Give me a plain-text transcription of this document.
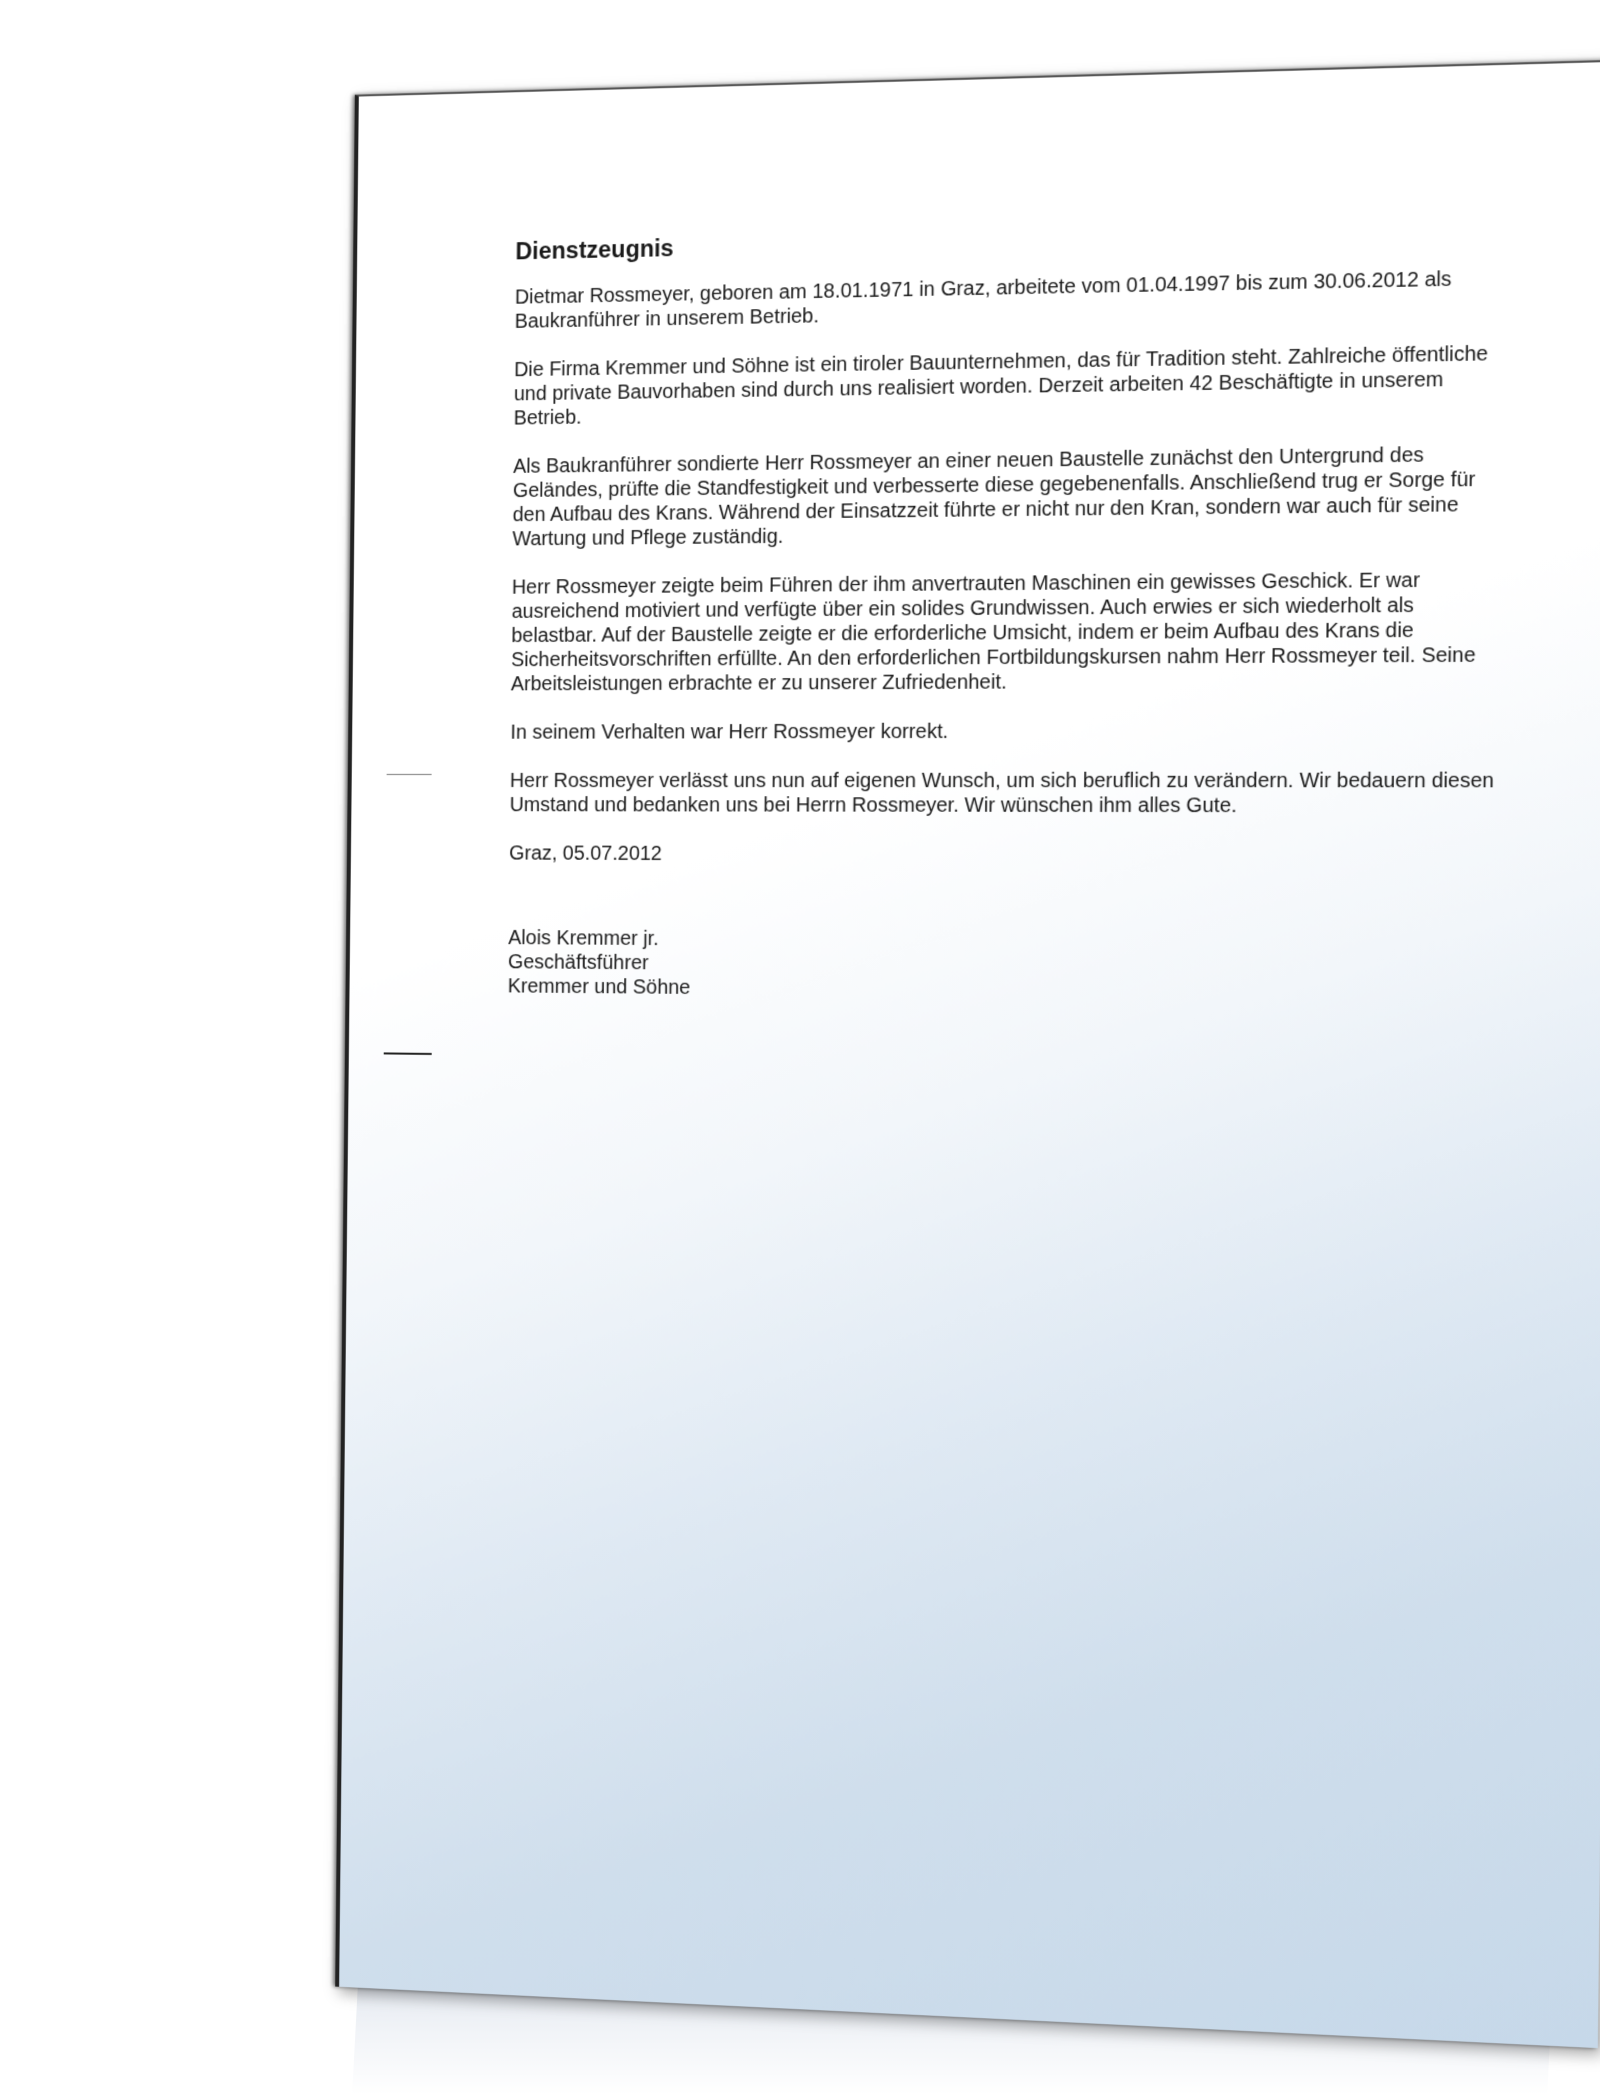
Dienstzeugnis

Dietmar Rossmeyer, geboren am 18.01.1971 in Graz, arbeitete vom 01.04.1997 bis zum 30.06.2012 als Baukranführer in unserem Betrieb.

Die Firma Kremmer und Söhne ist ein tiroler Bauunternehmen, das für Tradition steht. Zahlreiche öffentliche und private Bauvorhaben sind durch uns realisiert worden. Derzeit arbeiten 42 Beschäftigte in unserem Betrieb.

Als Baukranführer sondierte Herr Rossmeyer an einer neuen Baustelle zunächst den Untergrund des Geländes, prüfte die Standfestigkeit und verbesserte diese gegebenenfalls. Anschließend trug er Sorge für den Aufbau des Krans. Während der Einsatzzeit führte er nicht nur den Kran, sondern war auch für seine Wartung und Pflege zuständig.

Herr Rossmeyer zeigte beim Führen der ihm anvertrauten Maschinen ein gewisses Geschick. Er war ausreichend motiviert und verfügte über ein solides Grundwissen. Auch erwies er sich wiederholt als belastbar. Auf der Baustelle zeigte er die erforderliche Umsicht, indem er beim Aufbau des Krans die Sicherheitsvorschriften erfüllte. An den erforderlichen Fortbildungskursen nahm Herr Rossmeyer teil. Seine Arbeitsleistungen erbrachte er zu unserer Zufriedenheit.

In seinem Verhalten war Herr Rossmeyer korrekt.

Herr Rossmeyer verlässt uns nun auf eigenen Wunsch, um sich beruflich zu verändern. Wir bedauern diesen Umstand und bedanken uns bei Herrn Rossmeyer. Wir wünschen ihm alles Gute.

Graz, 05.07.2012

Alois Kremmer jr.

Geschäftsführer

Kremmer und Söhne
